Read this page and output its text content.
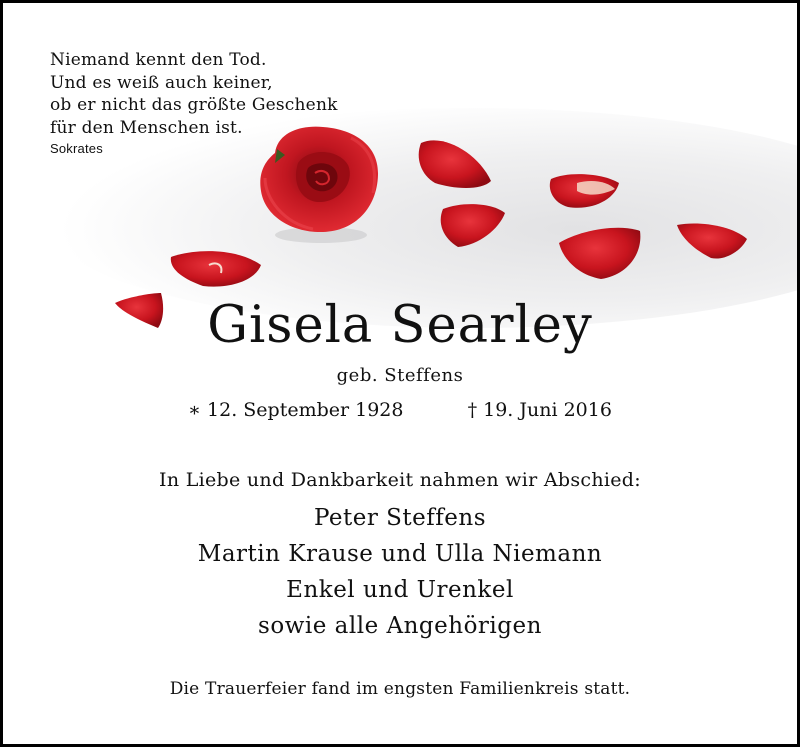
Niemand kennt den Tod.
Und es weiß auch keiner,
ob er nicht das größte Geschenk
für den Menschen ist.
Sokrates
Gisela Searley
geb. Steffens
∗ 12. September 1928	† 19. Juni 2016
In Liebe und Dankbarkeit nahmen wir Abschied:
Peter Steffens
Martin Krause und Ulla Niemann
Enkel und Urenkel
sowie alle Angehörigen
Die Trauerfeier fand im engsten Familienkreis statt.
